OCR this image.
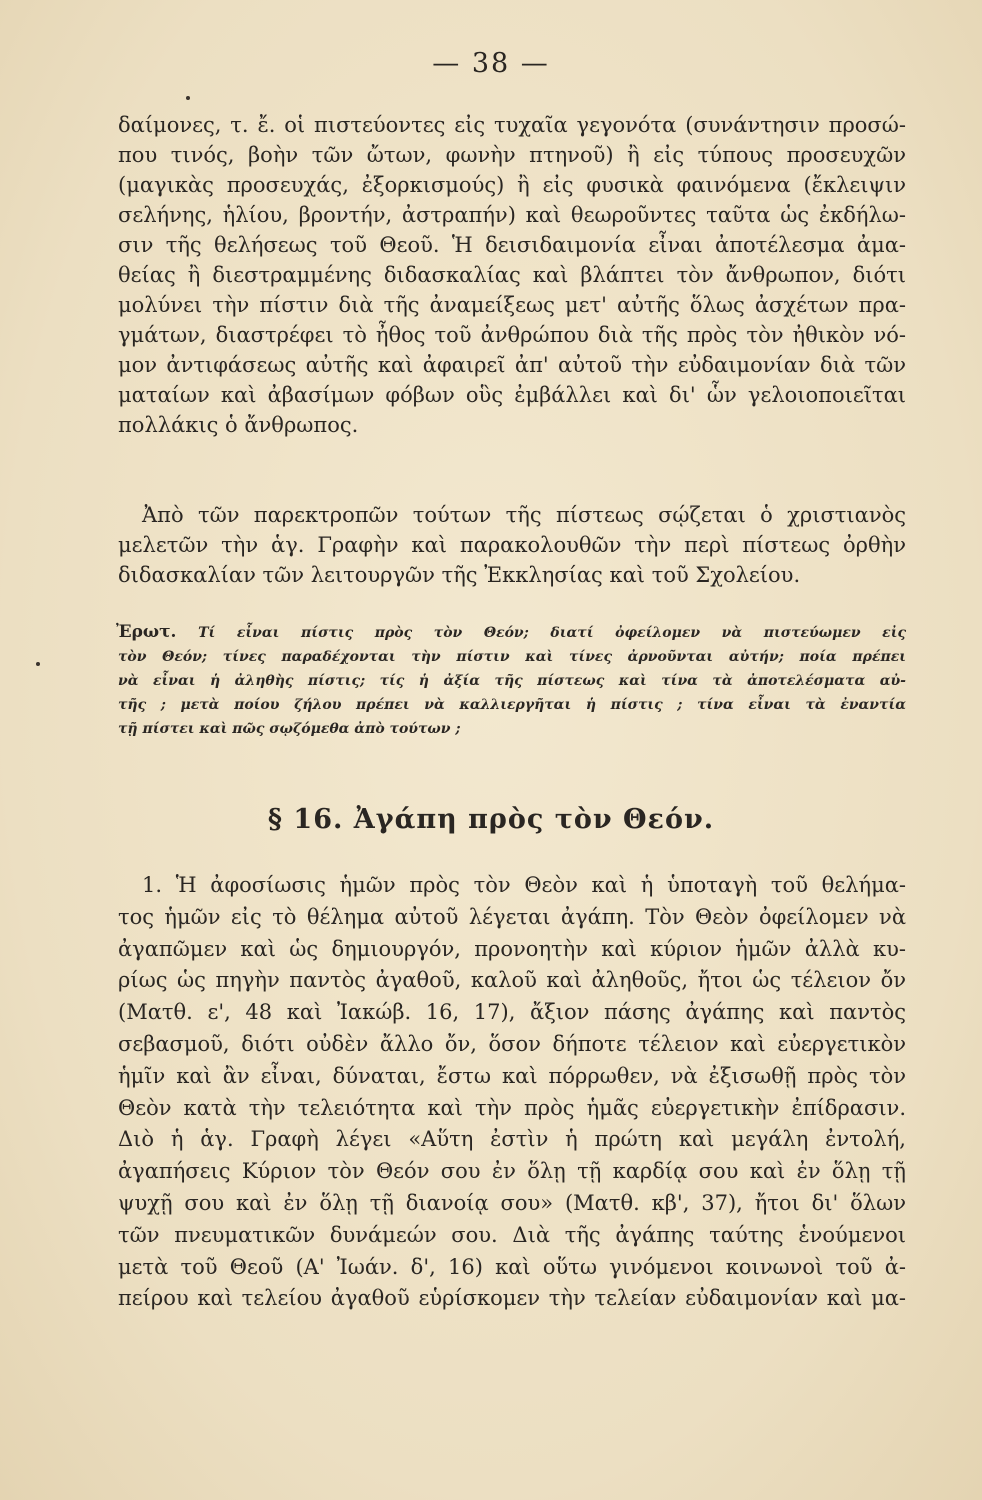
— 38 —
δαίμονες, τ. ἔ. οἱ πιστεύοντες εἰς τυχαῖα γεγονότα (συνάντησιν προσώ-
που τινός, βοὴν τῶν ὤτων, φωνὴν πτηνοῦ) ἢ εἰς τύπους προσευχῶν
(μαγικὰς προσευχάς, ἐξορκισμούς) ἢ εἰς φυσικὰ φαινόμενα (ἔκλειψιν
σελήνης, ἡλίου, βροντήν, ἀστραπήν) καὶ θεωροῦντες ταῦτα ὡς ἐκδήλω-
σιν τῆς θελήσεως τοῦ Θεοῦ. Ἡ δεισιδαιμονία εἶναι ἀποτέλεσμα ἀμα-
θείας ἢ διεστραμμένης διδασκαλίας καὶ βλάπτει τὸν ἄνθρωπον, διότι
μολύνει τὴν πίστιν διὰ τῆς ἀναμείξεως μετ' αὐτῆς ὅλως ἀσχέτων πρα-
γμάτων, διαστρέφει τὸ ἦθος τοῦ ἀνθρώπου διὰ τῆς πρὸς τὸν ἠθικὸν νό-
μον ἀντιφάσεως αὐτῆς καὶ ἀφαιρεῖ ἀπ' αὐτοῦ τὴν εὐδαιμονίαν διὰ τῶν
ματαίων καὶ ἀβασίμων φόβων οὓς ἐμβάλλει καὶ δι' ὧν γελοιοποιεῖται
πολλάκις ὁ ἄνθρωπος.
Ἀπὸ τῶν παρεκτροπῶν τούτων τῆς πίστεως σῴζεται ὁ χριστιανὸς
μελετῶν τὴν ἁγ. Γραφὴν καὶ παρακολουθῶν τὴν περὶ πίστεως ὀρθὴν
διδασκαλίαν τῶν λειτουργῶν τῆς Ἐκκλησίας καὶ τοῦ Σχολείου.
Ἐρωτ. Τί εἶναι πίστις πρὸς τὸν Θεόν; διατί ὀφείλομεν νὰ πιστεύωμεν εἰς
τὸν Θεόν; τίνες παραδέχονται τὴν πίστιν καὶ τίνες ἀρνοῦνται αὐτήν; ποία πρέπει
νὰ εἶναι ἡ ἀληθὴς πίστις; τίς ἡ ἀξία τῆς πίστεως καὶ τίνα τὰ ἀποτελέσματα αὐ-
τῆς ; μετὰ ποίου ζήλου πρέπει νὰ καλλιεργῆται ἡ πίστις ; τίνα εἶναι τὰ ἐναντία
τῇ πίστει καὶ πῶς σῳζόμεθα ἀπὸ τούτων ;
§ 16. Ἀγάπη πρὸς τὸν Θεόν.
1. Ἡ ἀφοσίωσις ἡμῶν πρὸς τὸν Θεὸν καὶ ἡ ὑποταγὴ τοῦ θελήμα-
τος ἡμῶν εἰς τὸ θέλημα αὐτοῦ λέγεται ἀγάπη. Τὸν Θεὸν ὀφείλομεν νὰ
ἀγαπῶμεν καὶ ὡς δημιουργόν, προνοητὴν καὶ κύριον ἡμῶν ἀλλὰ κυ-
ρίως ὡς πηγὴν παντὸς ἀγαθοῦ, καλοῦ καὶ ἀληθοῦς, ἤτοι ὡς τέλειον ὄν
(Ματθ. ε', 48 καὶ Ἰακώβ. 16, 17), ἄξιον πάσης ἀγάπης καὶ παντὸς
σεβασμοῦ, διότι οὐδὲν ἄλλο ὄν, ὅσον δήποτε τέλειον καὶ εὐεργετικὸν
ἡμῖν καὶ ἂν εἶναι, δύναται, ἔστω καὶ πόρρωθεν, νὰ ἐξισωθῇ πρὸς τὸν
Θεὸν κατὰ τὴν τελειότητα καὶ τὴν πρὸς ἡμᾶς εὐεργετικὴν ἐπίδρασιν.
Διὸ ἡ ἁγ. Γραφὴ λέγει «Αὕτη ἐστὶν ἡ πρώτη καὶ μεγάλη ἐντολή,
ἀγαπήσεις Κύριον τὸν Θεόν σου ἐν ὅλῃ τῇ καρδίᾳ σου καὶ ἐν ὅλῃ τῇ
ψυχῇ σου καὶ ἐν ὅλῃ τῇ διανοίᾳ σου» (Ματθ. κβ', 37), ἤτοι δι' ὅλων
τῶν πνευματικῶν δυνάμεών σου. Διὰ τῆς ἀγάπης ταύτης ἑνούμενοι
μετὰ τοῦ Θεοῦ (Α' Ἰωάν. δ', 16) καὶ οὕτω γινόμενοι κοινωνοὶ τοῦ ἀ-
πείρου καὶ τελείου ἀγαθοῦ εὑρίσκομεν τὴν τελείαν εὐδαιμονίαν καὶ μα-
